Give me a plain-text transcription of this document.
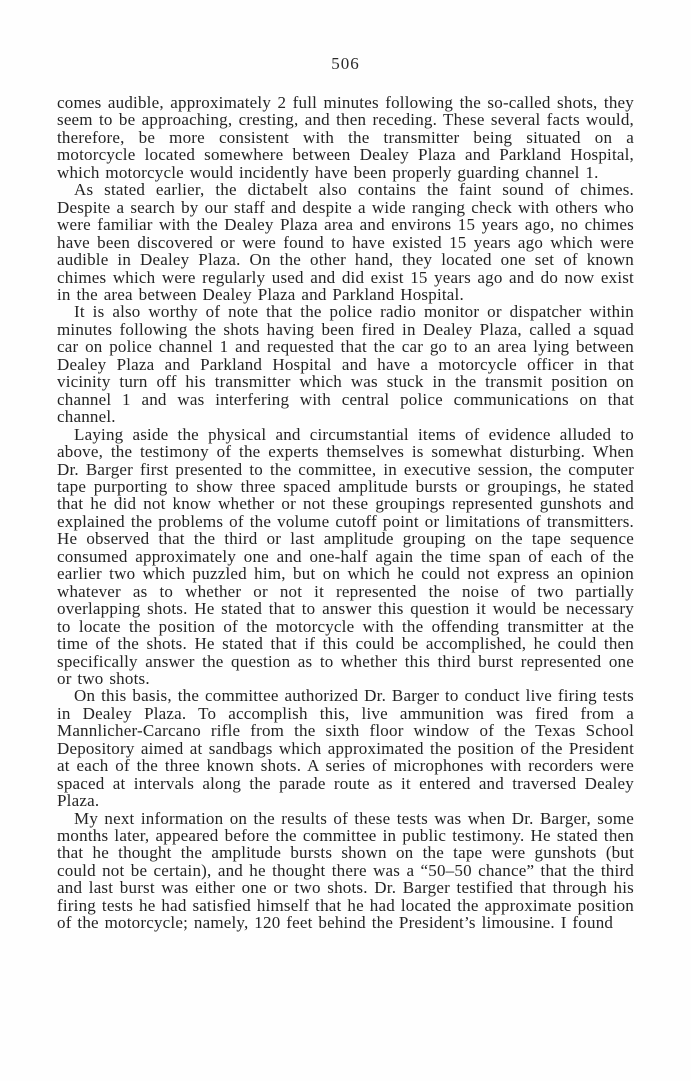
506

comes audible, approximately 2 full minutes following the so-called shots, they seem to be approaching, cresting, and then receding. These several facts would, therefore, be more consistent with the transmitter being situated on a motorcycle located somewhere between Dealey Plaza and Parkland Hospital, which motorcycle would incidently have been properly guarding channel 1.

As stated earlier, the dictabelt also contains the faint sound of chimes. Despite a search by our staff and despite a wide ranging check with others who were familiar with the Dealey Plaza area and environs 15 years ago, no chimes have been discovered or were found to have existed 15 years ago which were audible in Dealey Plaza. On the other hand, they located one set of known chimes which were regularly used and did exist 15 years ago and do now exist in the area between Dealey Plaza and Parkland Hospital.

It is also worthy of note that the police radio monitor or dispatcher within minutes following the shots having been fired in Dealey Plaza, called a squad car on police channel 1 and requested that the car go to an area lying between Dealey Plaza and Parkland Hospital and have a motorcycle officer in that vicinity turn off his transmitter which was stuck in the transmit position on channel 1 and was interfering with central police communications on that channel.

Laying aside the physical and circumstantial items of evidence alluded to above, the testimony of the experts themselves is somewhat disturbing. When Dr. Barger first presented to the committee, in executive session, the computer tape purporting to show three spaced amplitude bursts or groupings, he stated that he did not know whether or not these groupings represented gunshots and explained the problems of the volume cutoff point or limitations of transmitters. He observed that the third or last amplitude grouping on the tape sequence consumed approximately one and one-half again the time span of each of the earlier two which puzzled him, but on which he could not express an opinion whatever as to whether or not it represented the noise of two partially overlapping shots. He stated that to answer this question it would be necessary to locate the position of the motorcycle with the offending transmitter at the time of the shots. He stated that if this could be accomplished, he could then specifically answer the question as to whether this third burst represented one or two shots.

On this basis, the committee authorized Dr. Barger to conduct live firing tests in Dealey Plaza. To accomplish this, live ammunition was fired from a Mannlicher-Carcano rifle from the sixth floor window of the Texas School Depository aimed at sandbags which approximated the position of the President at each of the three known shots. A series of microphones with recorders were spaced at intervals along the parade route as it entered and traversed Dealey Plaza.

My next information on the results of these tests was when Dr. Barger, some months later, appeared before the committee in public testimony. He stated then that he thought the amplitude bursts shown on the tape were gunshots (but could not be certain), and he thought there was a “50–50 chance” that the third and last burst was either one or two shots. Dr. Barger testified that through his firing tests he had satisfied himself that he had located the approximate position of the motorcycle; namely, 120 feet behind the President’s limousine. I found
